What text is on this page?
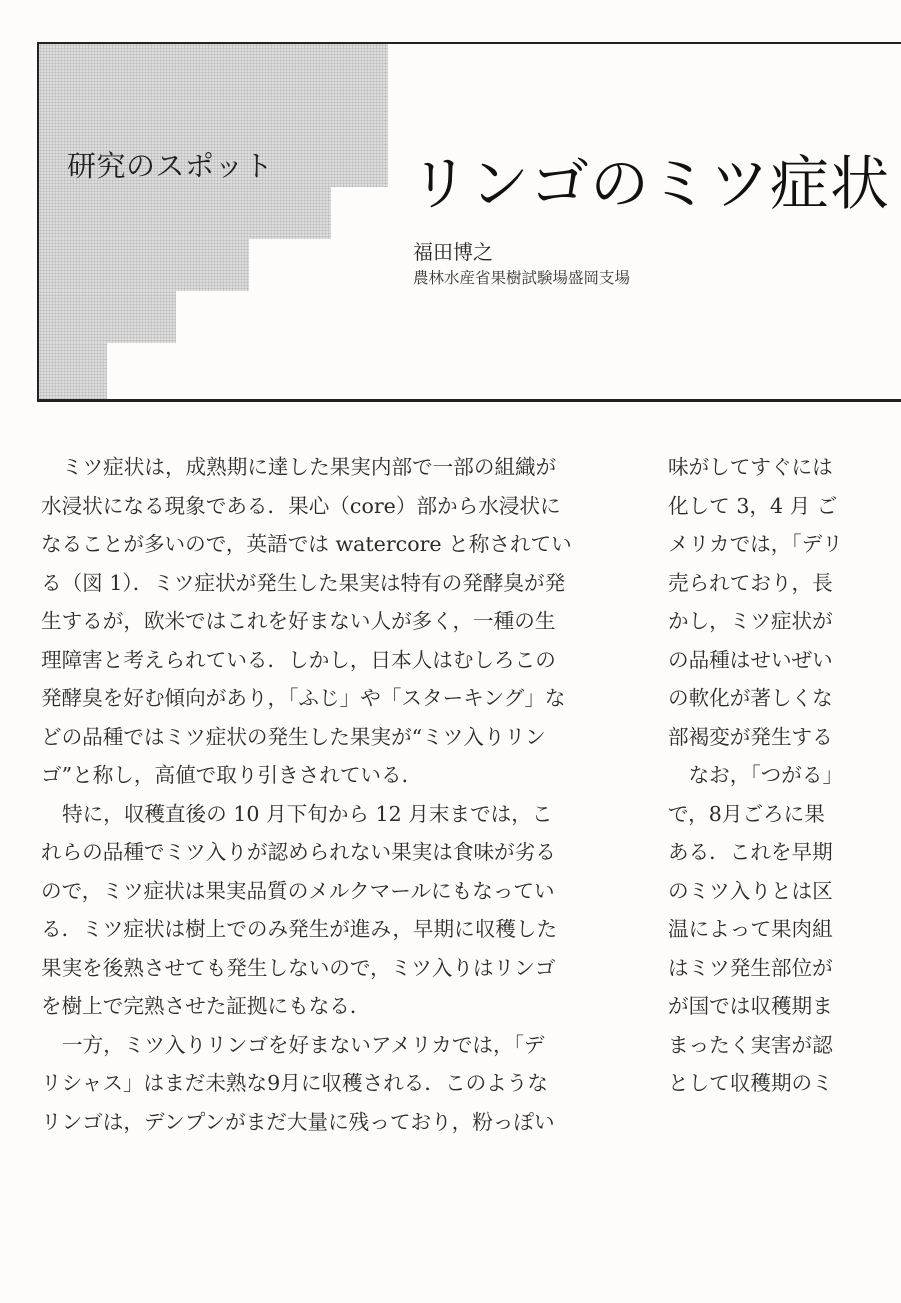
研究のスポット リンゴのミツ症状
福田博之
農林水産省果樹試験場盛岡支場
ミツ症状は，成熟期に達した果実内部で一部の組織が
水浸状になる現象である．果心（core）部から水浸状に
なることが多いので，英語では watercore と称されてい
る（図 1）．ミツ症状が発生した果実は特有の発酵臭が発
生するが，欧米ではこれを好まない人が多く，一種の生
理障害と考えられている．しかし，日本人はむしろこの
発酵臭を好む傾向があり，「ふじ」や「スターキング」な
どの品種ではミツ症状の発生した果実が“ミツ入りリン
ゴ”と称し，高値で取り引きされている．
特に，収穫直後の 10 月下旬から 12 月末までは，こ
れらの品種でミツ入りが認められない果実は食味が劣る
ので，ミツ症状は果実品質のメルクマールにもなってい
る．ミツ症状は樹上でのみ発生が進み，早期に収穫した
果実を後熟させても発生しないので，ミツ入りはリンゴ
を樹上で完熟させた証拠にもなる．
一方，ミツ入りリンゴを好まないアメリカでは，「デ
リシャス」はまだ未熟な9月に収穫される．このような
リンゴは，デンプンがまだ大量に残っており，粉っぽい
味がしてすぐには
化して 3，4 月 ご
メリカでは，「デリ
売られており，長
かし，ミツ症状が
の品種はせいぜい
の軟化が著しくな
部褐変が発生する
　なお，「つがる」
で，8月ごろに果
ある．これを早期
のミツ入りとは区
温によって果肉組
はミツ発生部位が
が国では収穫期ま
まったく実害が認
として収穫期のミ
